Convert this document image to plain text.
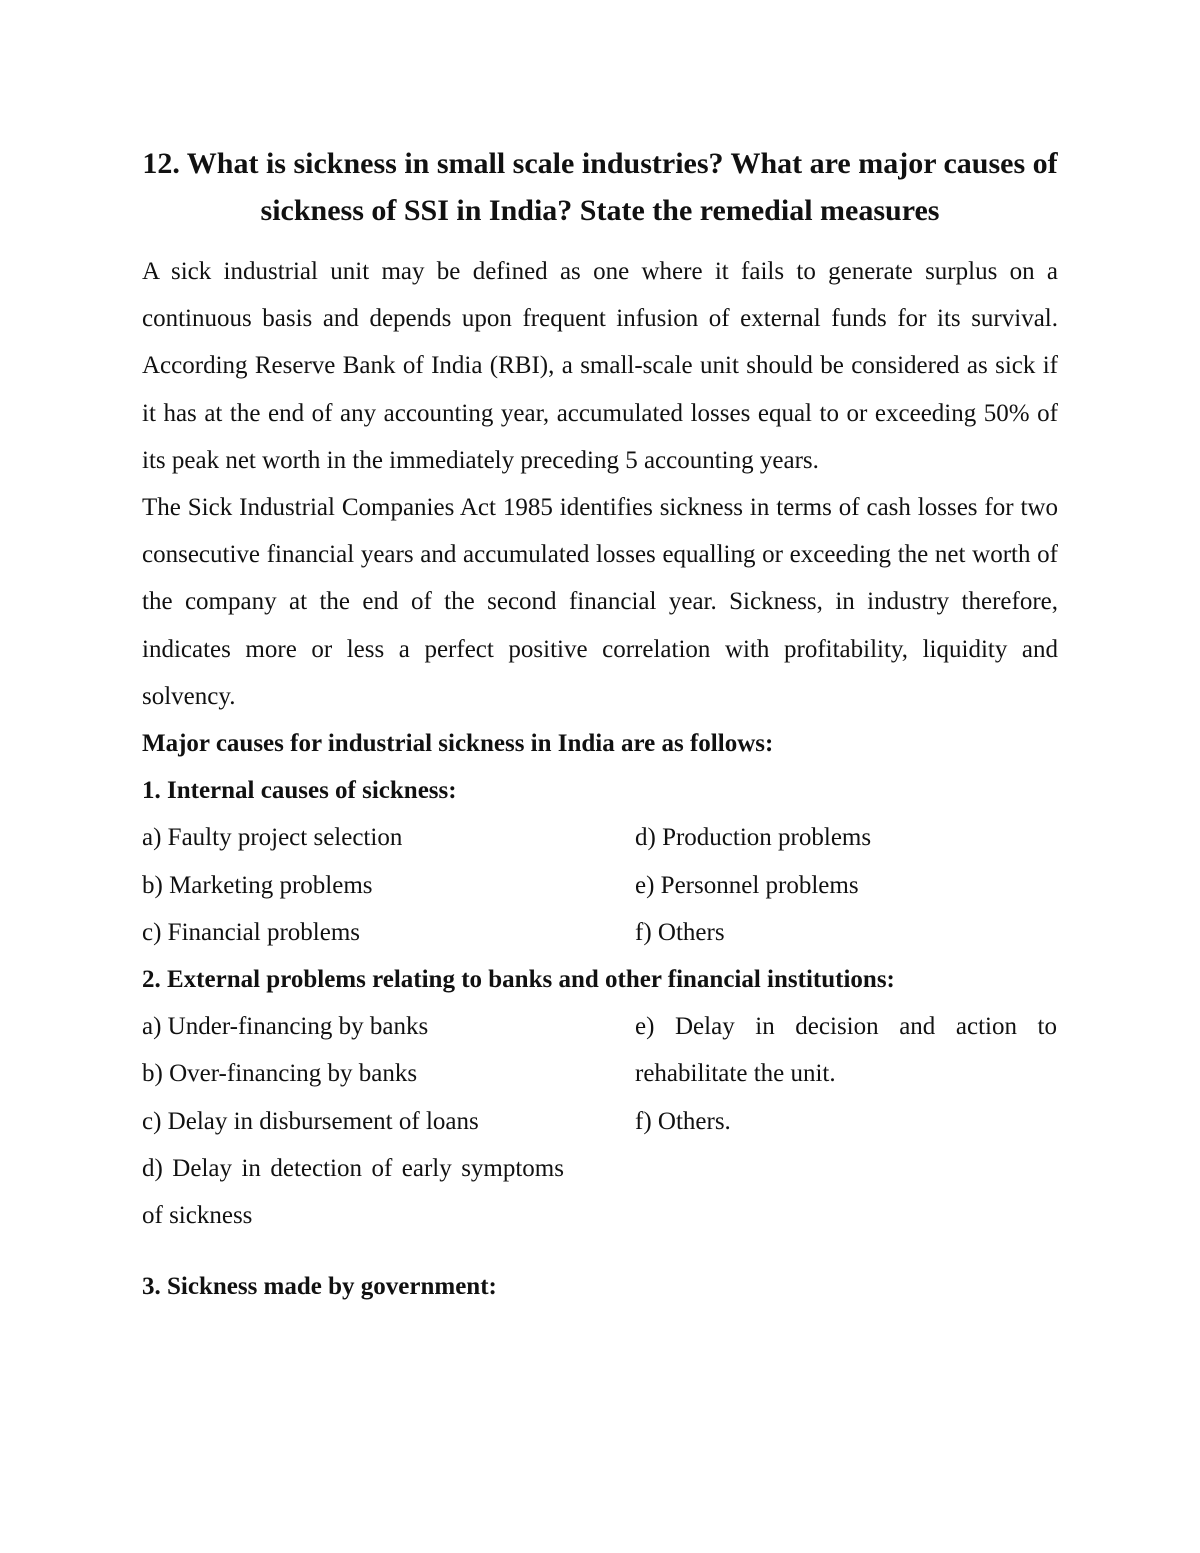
12. What is sickness in small scale industries? What are major causes of sickness of SSI in India? State the remedial measures

A sick industrial unit may be defined as one where it fails to generate surplus on a continuous basis and depends upon frequent infusion of external funds for its survival. According Reserve Bank of India (RBI), a small-scale unit should be considered as sick if it has at the end of any accounting year, accumulated losses equal to or exceeding 50% of its peak net worth in the immediately preceding 5 accounting years.

The Sick Industrial Companies Act 1985 identifies sickness in terms of cash losses for two consecutive financial years and accumulated losses equalling or exceeding the net worth of the company at the end of the second financial year. Sickness, in industry therefore, indicates more or less a perfect positive correlation with profitability, liquidity and solvency.

Major causes for industrial sickness in India are as follows:

1. Internal causes of sickness:

a) Faulty project selection

b) Marketing problems

c) Financial problems

d) Production problems

e) Personnel problems

f) Others

2. External problems relating to banks and other financial institutions:

a) Under-financing by banks

b) Over-financing by banks

c) Delay in disbursement of loans

d) Delay in detection of early symptoms of sickness

e) Delay in decision and action to rehabilitate the unit.

f) Others.

3. Sickness made by government:
